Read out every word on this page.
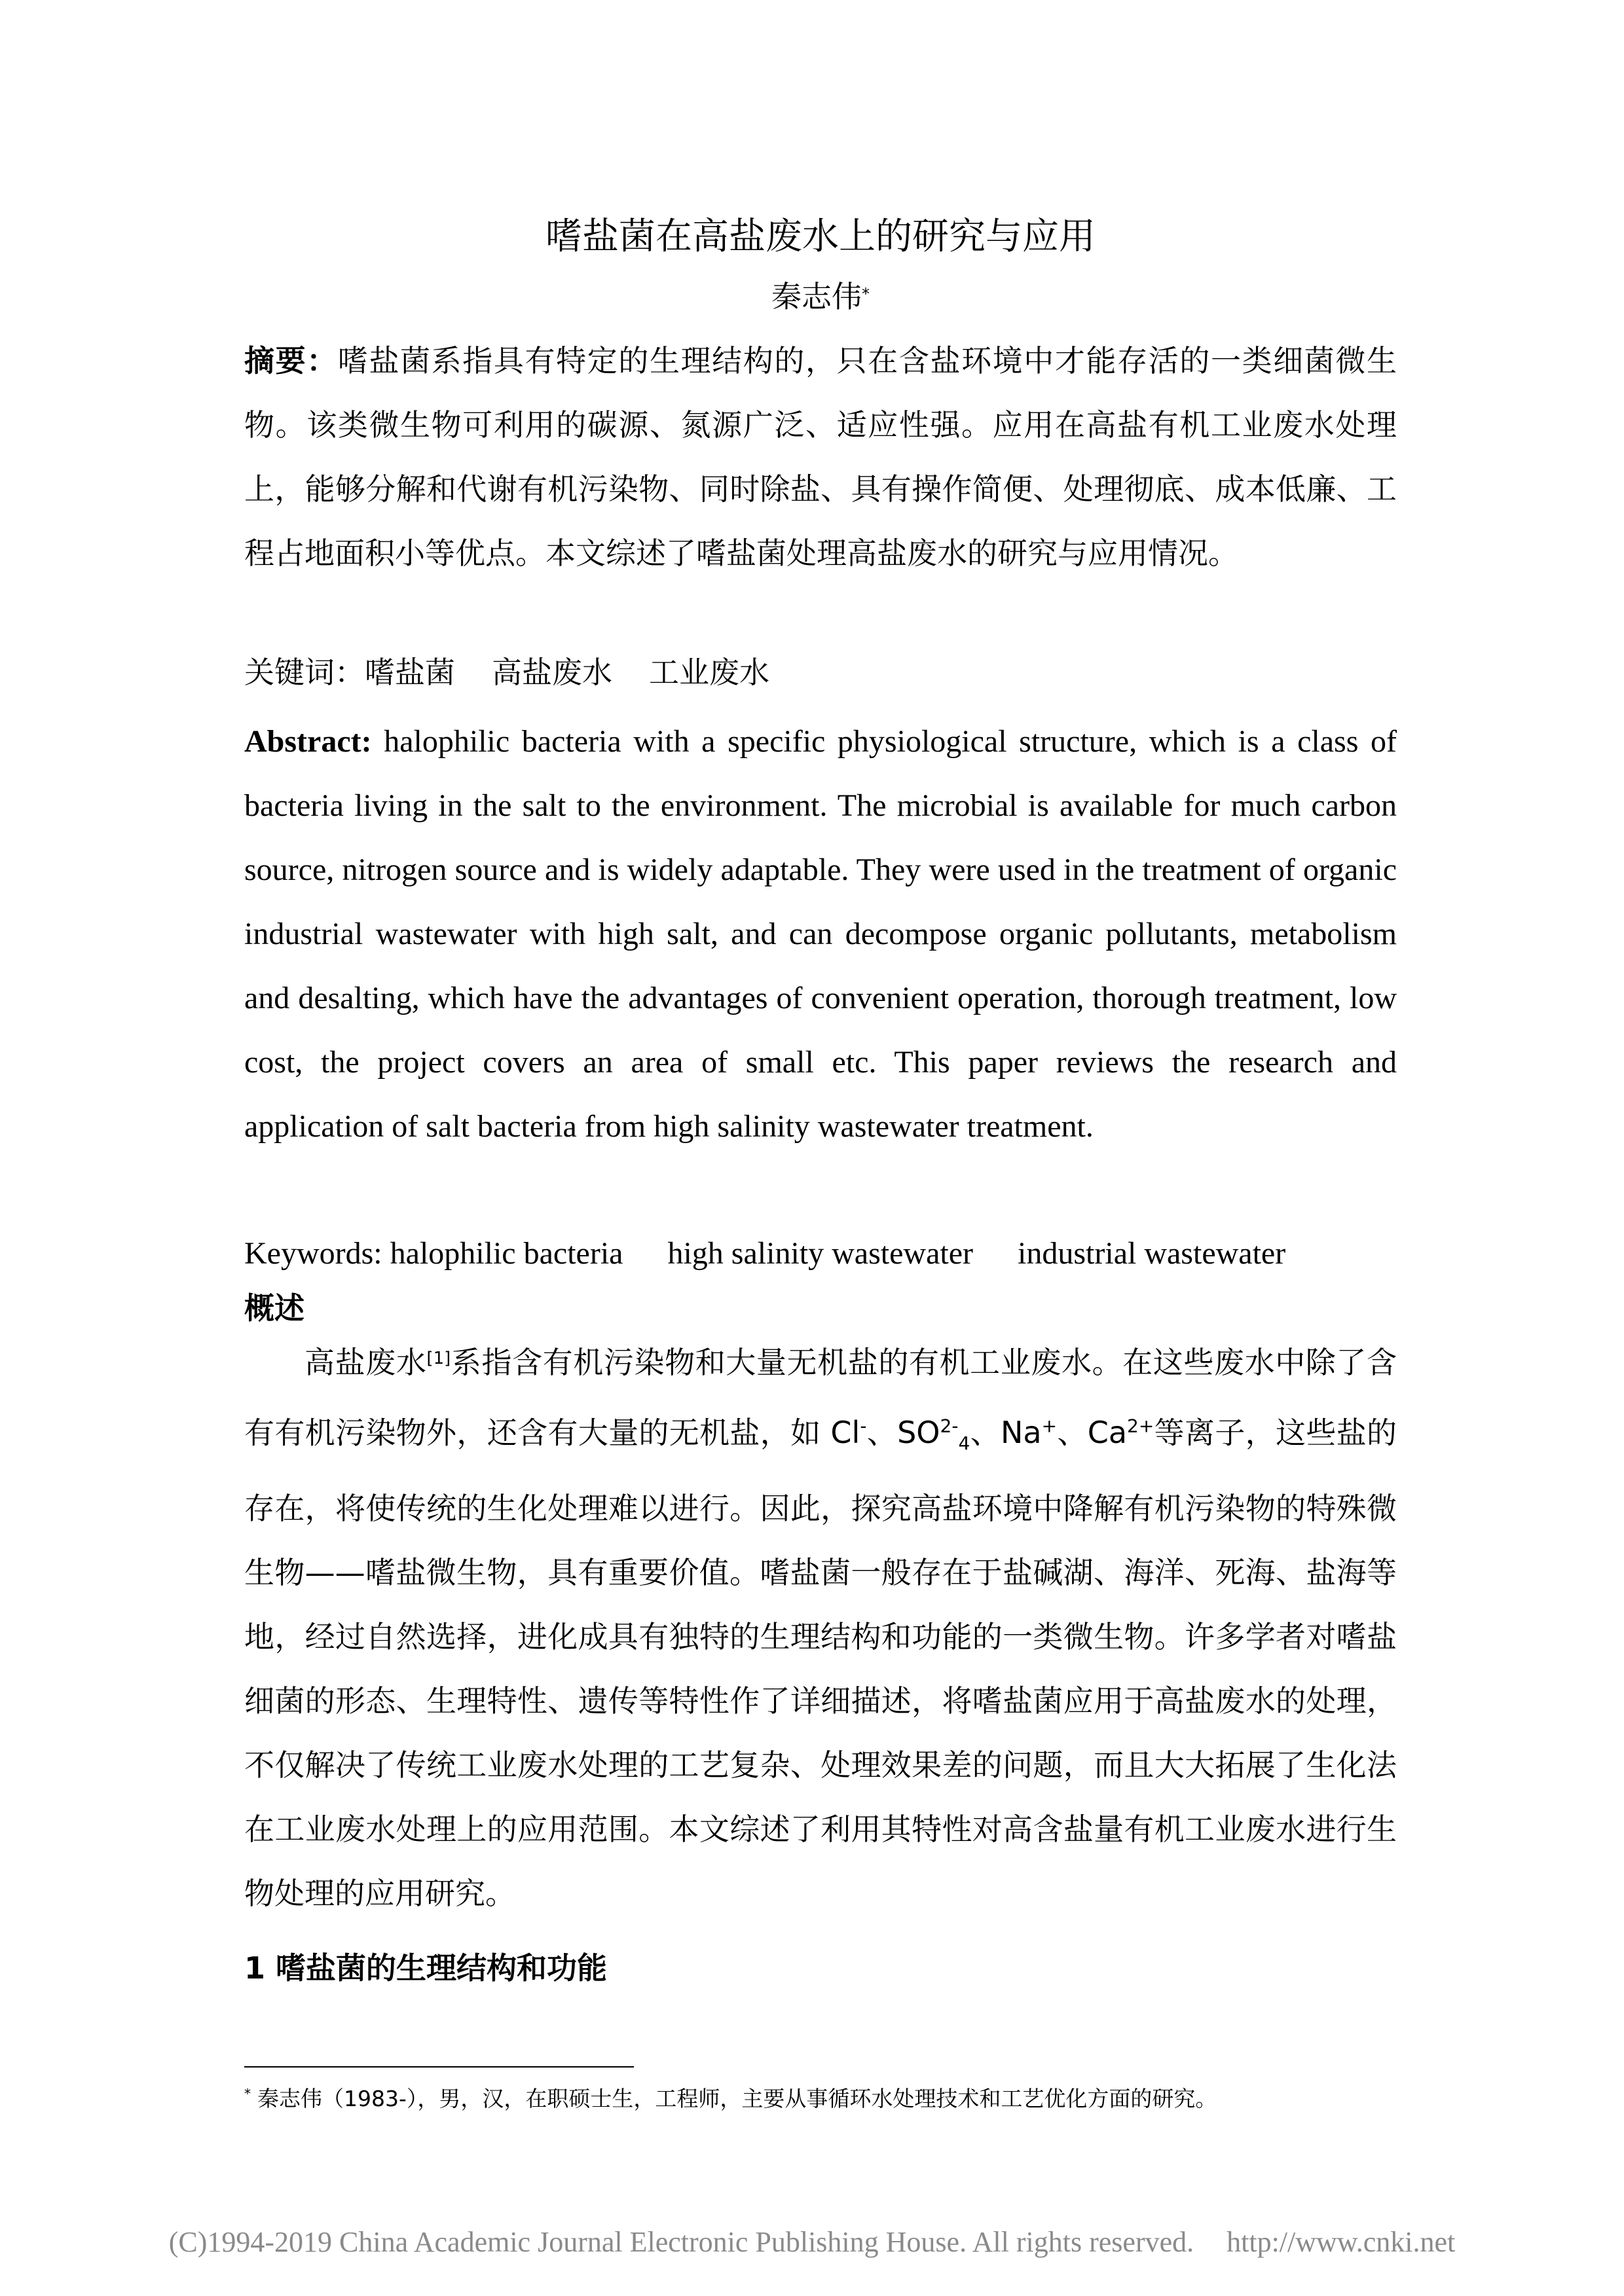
嗜盐菌在高盐废水上的研究与应用
秦志伟*

摘要：嗜盐菌系指具有特定的生理结构的，只在含盐环境中才能存活的一类细菌微生物。该类微生物可利用的碳源、氮源广泛、适应性强。应用在高盐有机工业废水处理上，能够分解和代谢有机污染物、同时除盐、具有操作简便、处理彻底、成本低廉、工程占地面积小等优点。本文综述了嗜盐菌处理高盐废水的研究与应用情况。

关键词：嗜盐菌 高盐废水 工业废水

Abstract: halophilic bacteria with a specific physiological structure, which is a class of bacteria living in the salt to the environment. The microbial is available for much carbon source, nitrogen source and is widely adaptable. They were used in the treatment of organic industrial wastewater with high salt, and can decompose organic pollutants, metabolism and desalting, which have the advantages of convenient operation, thorough treatment, low cost, the project covers an area of small etc. This paper reviews the research and application of salt bacteria from high salinity wastewater treatment.

Keywords: halophilic bacteria high salinity wastewater industrial wastewater

概述

高盐废水[1]系指含有机污染物和大量无机盐的有机工业废水。在这些废水中除了含有有机污染物外，还含有大量的无机盐，如 Cl-、$SO^{2-}_4$、Na+、$Ca^{2+}$等离子，这些盐的存在，将使传统的生化处理难以进行。因此，探究高盐环境中降解有机污染物的特殊微生物——嗜盐微生物，具有重要价值。嗜盐菌一般存在于盐碱湖、海洋、死海、盐海等地，经过自然选择，进化成具有独特的生理结构和功能的一类微生物。许多学者对嗜盐细菌的形态、生理特性、遗传等特性作了详细描述，将嗜盐菌应用于高盐废水的处理，不仅解决了传统工业废水处理的工艺复杂、处理效果差的问题，而且大大拓展了生化法在工业废水处理上的应用范围。本文综述了利用其特性对高含盐量有机工业废水进行生物处理的应用研究。

1 嗜盐菌的生理结构和功能

* 秦志伟（1983-），男，汉，在职硕士生，工程师，主要从事循环水处理技术和工艺优化方面的研究。

(C)1994-2019 China Academic Journal Electronic Publishing House. All rights reserved. http://www.cnki.net
